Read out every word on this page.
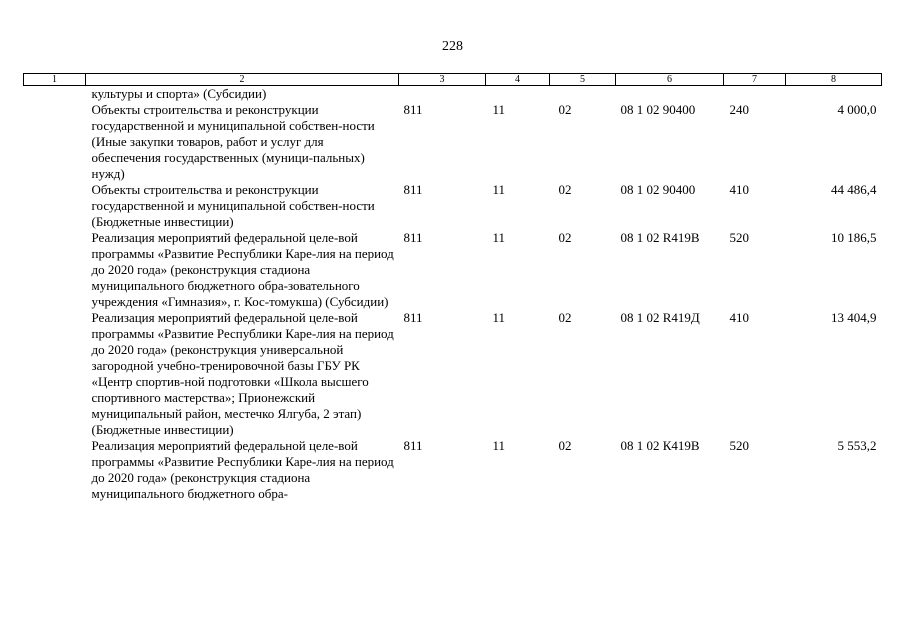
228
1	2	3	4	5	6	7	8
	культуры и спорта» (Субсидии)						
	Объекты строительства и реконструкции государственной и муниципальной собствен-ности (Иные закупки товаров, работ и услуг для обеспечения государственных (муници-пальных) нужд)	811	11	02	08 1 02 90400	240	4 000,0
	Объекты строительства и реконструкции государственной и муниципальной собствен-ности (Бюджетные инвестиции)	811	11	02	08 1 02 90400	410	44 486,4
	Реализация мероприятий федеральной целе-вой программы «Развитие Республики Каре-лия на период до 2020 года» (реконструкция стадиона муниципального бюджетного обра-зовательного учреждения «Гимназия», г. Кос-томукша) (Субсидии)	811	11	02	08 1 02 R419В	520	10 186,5
	Реализация мероприятий федеральной целе-вой программы «Развитие Республики Каре-лия на период до 2020 года» (реконструкция универсальной загородной учебно-тренировочной базы ГБУ РК «Центр спортив-ной подготовки «Школа высшего спортивного мастерства»; Прионежский муниципальный район, местечко Ялгуба, 2 этап) (Бюджетные инвестиции)	811	11	02	08 1 02 R419Д	410	13 404,9
	Реализация мероприятий федеральной целе-вой программы «Развитие Республики Каре-лия на период до 2020 года» (реконструкция стадиона муниципального бюджетного обра-	811	11	02	08 1 02 К419В	520	5 553,2
